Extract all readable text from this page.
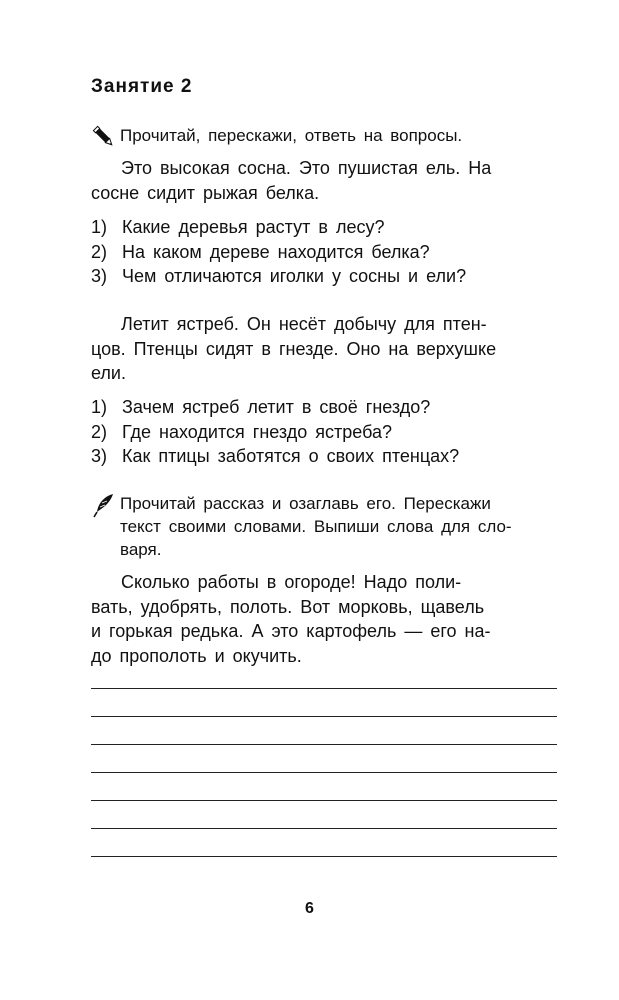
Занятие 2
Прочитай, перескажи, ответь на вопросы.
Это высокая сосна. Это пушистая ель. На
сосне сидит рыжая белка.
1) Какие деревья растут в лесу?
2) На каком дереве находится белка?
3) Чем отличаются иголки у сосны и ели?
Летит ястреб. Он несёт добычу для птен-
цов. Птенцы сидят в гнезде. Оно на верхушке
ели.
1) Зачем ястреб летит в своё гнездо?
2) Где находится гнездо ястреба?
3) Как птицы заботятся о своих птенцах?
Прочитай рассказ и озаглавь его. Перескажи
текст своими словами. Выпиши слова для сло-
варя.
Сколько работы в огороде! Надо поли-
вать, удобрять, полоть. Вот морковь, щавель
и горькая редька. А это картофель — его на-
до прополоть и окучить.
6
